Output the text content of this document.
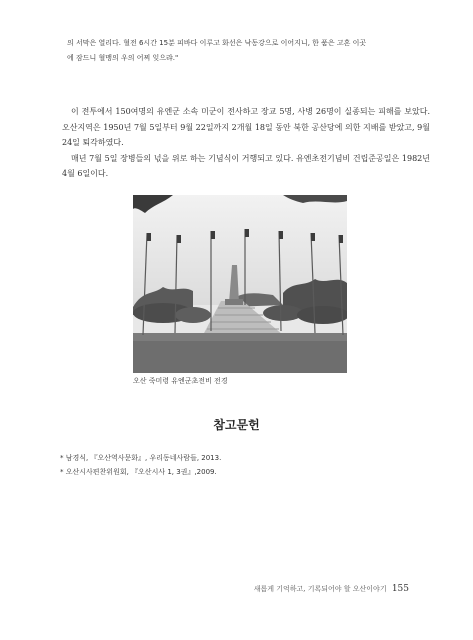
의 서막은 열리다. 혈전 6시간 15분 피바다 이루고 화선은 낙동강으로 이어지니, 한 품은 고혼 이곳

에 잠드니 혈맹의 우의 어찌 잊으랴."

이 전투에서 150여명의 유엔군 소속 미군이 전사하고 장교 5명, 사병 26명이 실종되는 피해를 보았다. 오산지역은 1950년 7월 5일부터 9월 22일까지 2개월 18일 동안 북한 공산당에 의한 지배를 받았고, 9월 24일 퇴각하였다.

매년 7월 5일 장병들의 넋을 위로 하는 기념식이 거행되고 있다. 유엔초전기념비 건립준공일은 1982년 4월 6일이다.

오산 죽미령 유엔군초전비 전경
참고문헌
* 남경식, 『오산역사문화』, 우리동네사람들, 2013.
* 오산시사편찬위원회, 『오산시사 1, 3권』,2009.
새롭게 기억하고, 기록되어야 할 오산이야기 155
